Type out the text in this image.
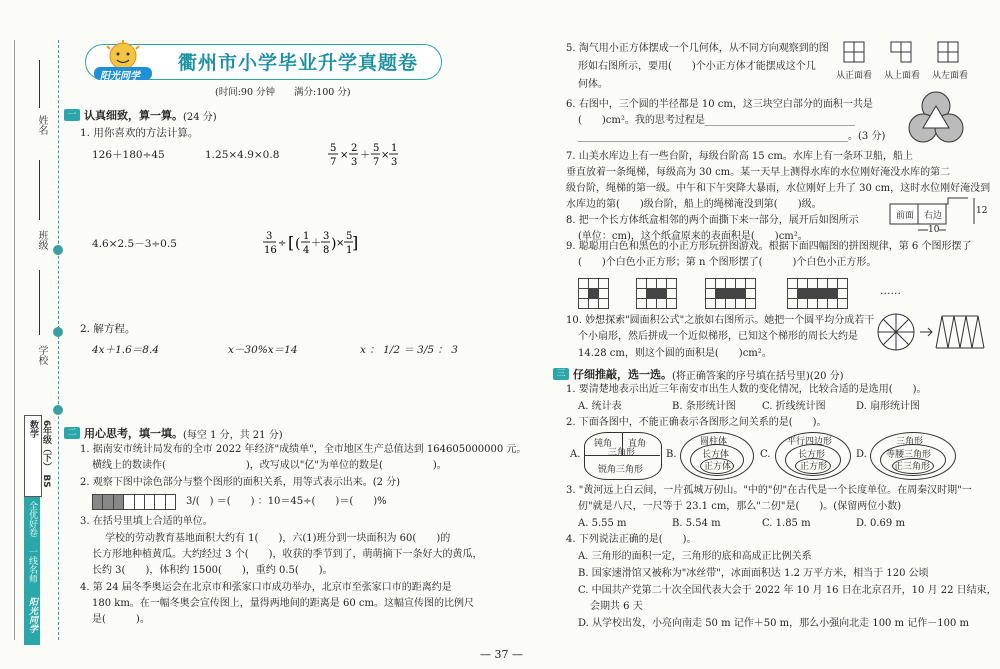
姓名
班级
学校
6年级（下） BS 数学
全优好卷
一线名师
阳光同学
阳光同学
衢州市小学毕业升学真题卷
(时间:90 分钟　　满分:100 分)
一 认真细致，算一算。 (24 分)
1. 用你喜欢的方法计算。
126＋180÷45	1.25×4.9×0.8
5
7
×
2
3
＋
5
7
×
1
3
4.6×2.5－3÷0.5
3
16
÷ [ ( 1
4
＋
3
8 ) ×
5
1 ]
2. 解方程。
4x＋1.6＝8.4	x－30%x＝14	x ： 1/2 ＝ 3/5 ： 3
二 用心思考，填一填。 (每空 1 分，共 21 分)
1. 据南安市统计局发布的全市 2022 年经济"成绩单"，全市地区生产总值达到 164605000000 元。
横线上的数读作(　　　　　　　　)，改写成以"亿"为单位的数是(　　　　　)。
2. 观察下图中涂色部分与整个图形的面积关系，用等式表示出来。(2 分)
3/(　) ＝(　　) ：10＝45÷(　　)＝(　　)%
3. 在括号里填上合适的单位。
学校的劳动教育基地面积大约有 1(　　)，六(1)班分到一块面积为 60(　　)的
长方形地种植黄瓜。大约经过 3 个(　　)，收获的季节到了，萌萌摘下一条好大的黄瓜，
长约 3(　　)，体积约 1500(　　)，重约 0.5(　　)。
4. 第 24 届冬季奥运会在北京市和张家口市成功举办，北京市至张家口市的距离约是
180 km。在一幅冬奥会宣传图上，量得两地间的距离是 60 cm。这幅宣传图的比例尺
是(　　　)。
5. 淘气用小正方体摆成一个几何体，从不同方向观察到的图
形如右图所示，要用(　　)个小正方体才能摆成这个几
何体。
从正面看 从上面看 从左面看
6. 右图中，三个圆的半径都是 10 cm，这三块空白部分的面积一共是
(　　)cm²。我的思考过程是______________________________
______________________________________________________。(3 分)
7. 山美水库边上有一些台阶，每级台阶高 15 cm。水库上有一条环卫船，船上
垂直放着一条绳梯，每级高为 30 cm。某一天早上测得水库的水位刚好淹没水库的第二
级台阶，绳梯的第一级。中午和下午突降大暴雨，水位刚好上升了 30 cm，这时水位刚好淹没到
水库边的第(　　)级台阶，船上的绳梯淹没到第(　　)级。
8. 把一个长方体纸盒相邻的两个面撕下来一部分，展开后如图所示
(单位：cm)，这个纸盒原来的表面积是(　　)cm²。
前面 右边	12
10
9. 聪聪用白色和黑色的小正方形玩拼图游戏。根据下面四幅图的拼图规律，第 6 个图形摆了
(　　)个白色小正方形；第 n 个图形摆了(　　　)个白色小正方形。

……
10. 妙想探索"圆面积公式"之旅如右图所示。她把一个圆平均分成若干
个小扇形，然后拼成一个近似梯形，已知这个梯形的周长大约是
14.28 cm，则这个圆的面积是(　　)cm²。
三 仔细推敲，选一选。 (将正确答案的序号填在括号里)(20 分)
1. 要清楚地表示出近三年南安市出生人数的变化情况，比较合适的是选用(　　)。
A. 统计表	B. 条形统计图	C. 折线统计图	D. 扇形统计图
2. 下面各图中，不能正确表示各图形之间关系的是(　　)。
A.
钝角 直角
三角形
锐角三角形
B.
圆柱体
长方体
正方体
C.
平行四边形
长方形
正方形
D.
三角形
等腰三角形
正三角形
3. "黄河远上白云间，一片孤城万仞山。"中的"仞"在古代是一个长度单位。在周秦汉时期"一
仞"就是八尺，一尺等于 23.1 cm，那么"二仞"是(　　)。(保留两位小数)
A. 5.55 m	B. 5.54 m	C. 1.85 m	D. 0.69 m
4. 下列说法正确的是(　　)。
A. 三角形的面积一定，三角形的底和高成正比例关系
B. 国家速滑馆又被称为"冰丝带"，冰面面积达 1.2 万平方米，相当于 120 公顷
C. 中国共产党第二十次全国代表大会于 2022 年 10 月 16 日在北京召开，10 月 22 日结束，
会期共 6 天
D. 从学校出发，小亮向南走 50 m 记作＋50 m，那么小强向北走 100 m 记作－100 m
— 37 —
